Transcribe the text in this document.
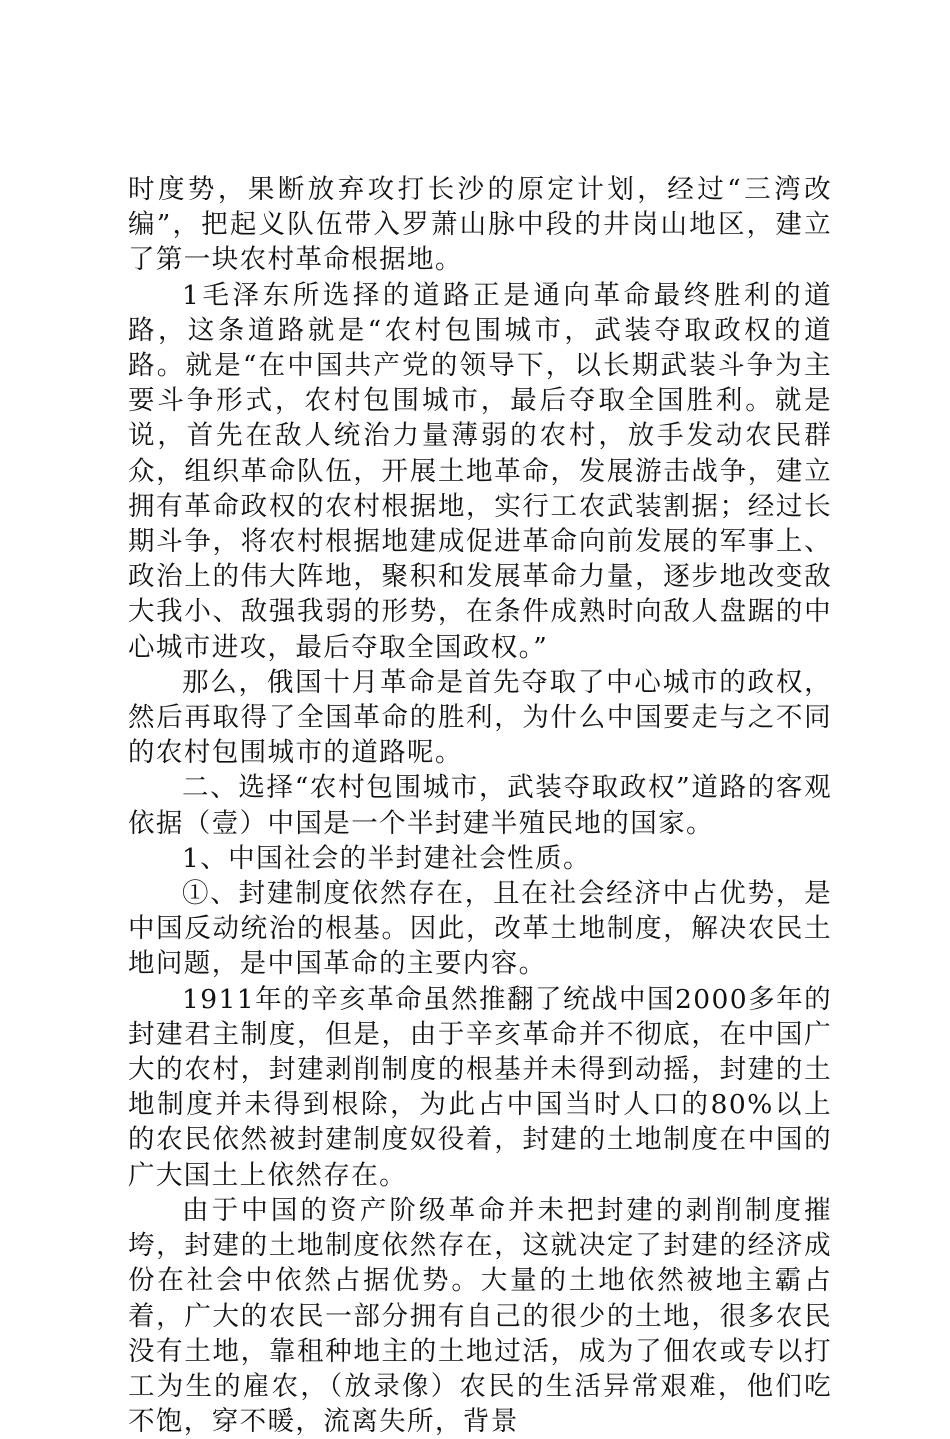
时度势，果断放弃攻打长沙的原定计划，经过“三湾改编”，把起义队伍带入罗萧山脉中段的井岗山地区，建立了第一块农村革命根据地。

1毛泽东所选择的道路正是通向革命最终胜利的道路，这条道路就是“农村包围城市，武装夺取政权的道路。就是“在中国共产党的领导下，以长期武装斗争为主要斗争形式，农村包围城市，最后夺取全国胜利。就是说，首先在敌人统治力量薄弱的农村，放手发动农民群众，组织革命队伍，开展土地革命，发展游击战争，建立拥有革命政权的农村根据地，实行工农武装割据；经过长期斗争，将农村根据地建成促进革命向前发展的军事上、政治上的伟大阵地，聚积和发展革命力量，逐步地改变敌大我小、敌强我弱的形势，在条件成熟时向敌人盘踞的中心城市进攻，最后夺取全国政权。”

那么，俄国十月革命是首先夺取了中心城市的政权，然后再取得了全国革命的胜利，为什么中国要走与之不同的农村包围城市的道路呢。

二、选择“农村包围城市，武装夺取政权”道路的客观依据（壹）中国是一个半封建半殖民地的国家。

1、中国社会的半封建社会性质。

①、封建制度依然存在，且在社会经济中占优势，是中国反动统治的根基。因此，改革土地制度，解决农民土地问题，是中国革命的主要内容。

1911年的辛亥革命虽然推翻了统战中国2000多年的封建君主制度，但是，由于辛亥革命并不彻底，在中国广大的农村，封建剥削制度的根基并未得到动摇，封建的土地制度并未得到根除，为此占中国当时人口的80%以上的农民依然被封建制度奴役着，封建的土地制度在中国的广大国土上依然存在。

由于中国的资产阶级革命并未把封建的剥削制度摧垮，封建的土地制度依然存在，这就决定了封建的经济成份在社会中依然占据优势。大量的土地依然被地主霸占着，广大的农民一部分拥有自己的很少的土地，很多农民没有土地，靠租种地主的土地过活，成为了佃农或专以打工为生的雇农，（放录像）农民的生活异常艰难，他们吃不饱，穿不暖，流离失所，背景
